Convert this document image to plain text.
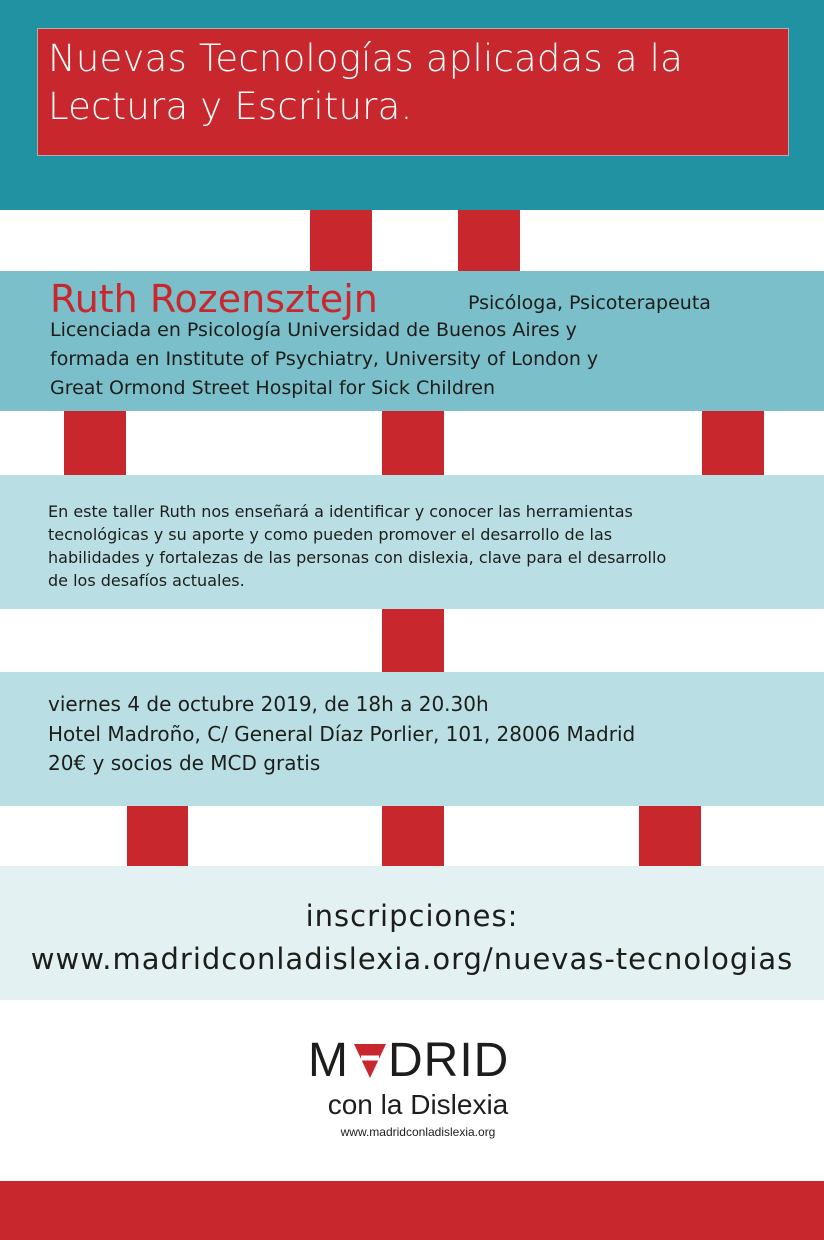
Nuevas Tecnologías aplicadas a la
Lectura y Escritura.
Ruth Rozensztejn	Psicóloga, Psicoterapeuta
Licenciada en Psicología Universidad de Buenos Aires y
formada en Institute of Psychiatry, University of London y
Great Ormond Street Hospital for Sick Children
En este taller Ruth nos enseñará a identificar y conocer las herramientas
tecnológicas y su aporte y como pueden promover el desarrollo de las
habilidades y fortalezas de las personas con dislexia, clave para el desarrollo
de los desafíos actuales.
viernes 4 de octubre 2019, de 18h a 20.30h
Hotel Madroño, C/ General Díaz Porlier, 101, 28006 Madrid
20€ y socios de MCD gratis
inscripciones:
www.madridconladislexia.org/nuevas-tecnologias
M DRID
con la Dislexia
www.madridconladislexia.org
